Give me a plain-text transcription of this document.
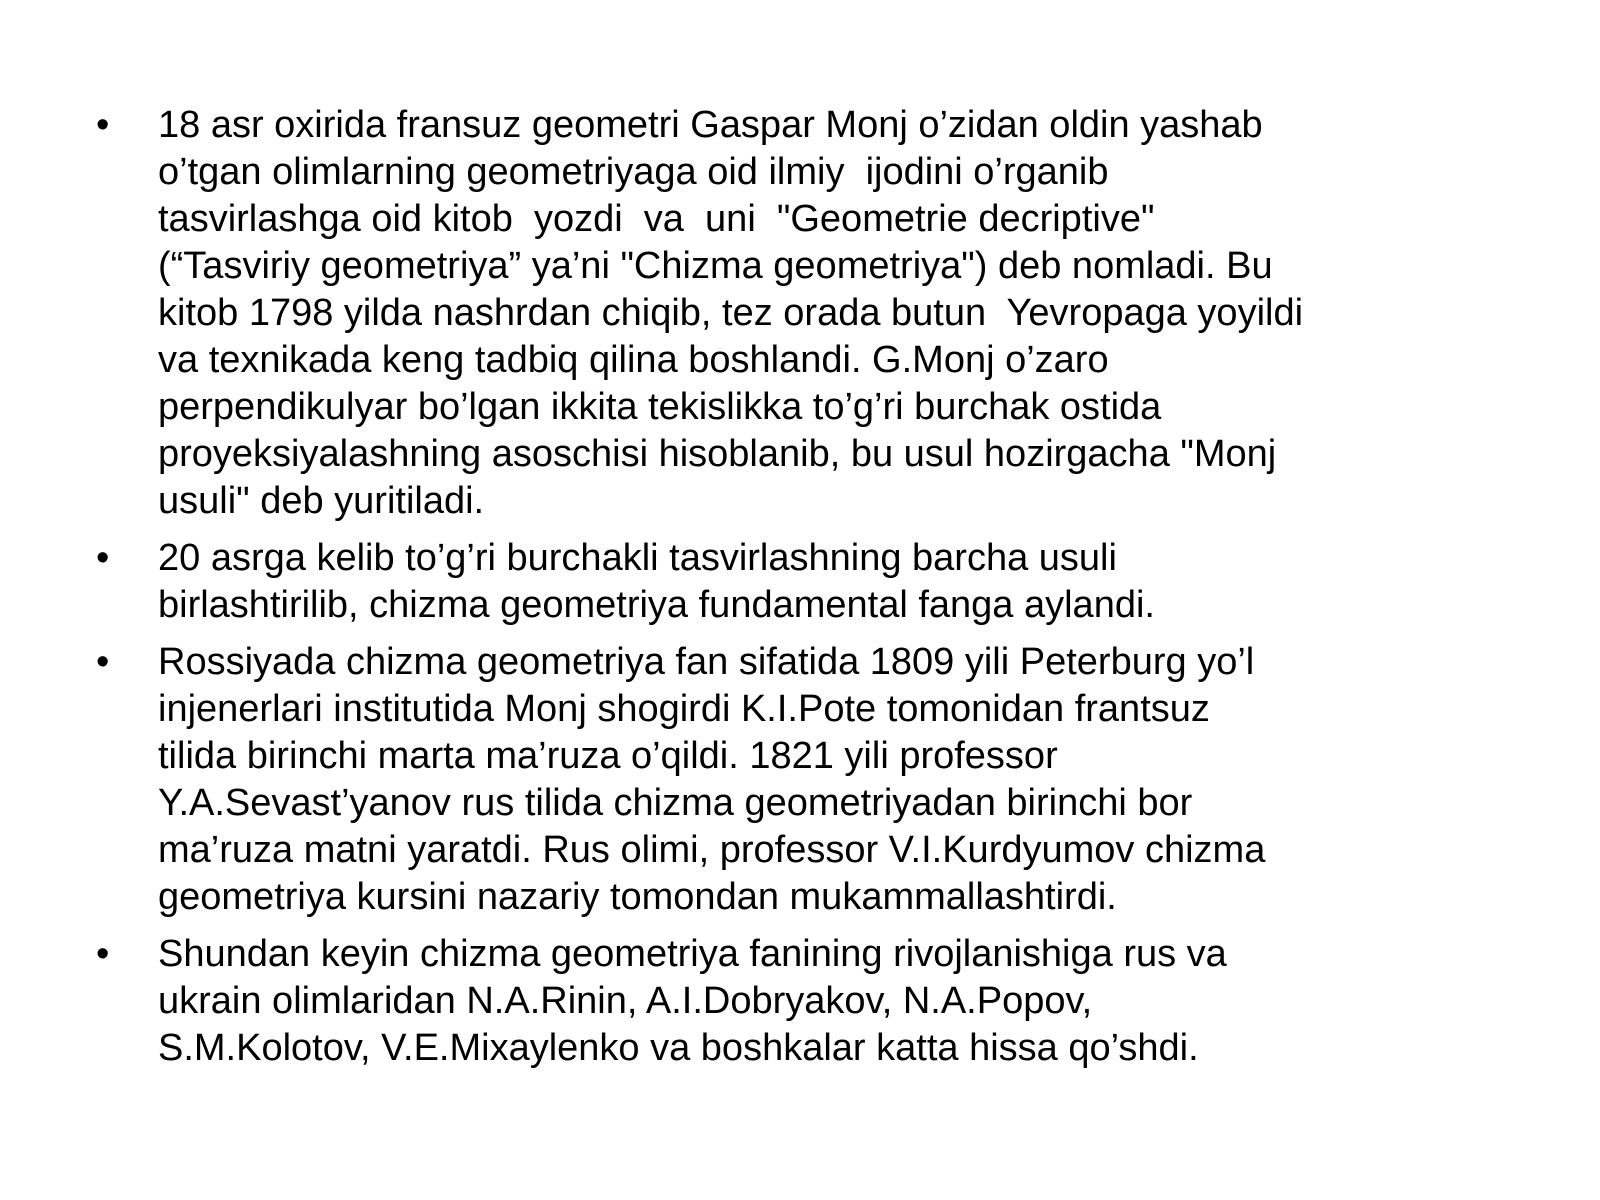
•	18 asr oxirida fransuz geometri Gaspar Monj o’zidan oldin yashab
o’tgan olimlarning geometriyaga oid ilmiy  ijodini o’rganib
tasvirlashga oid kitob  yozdi  va  uni  "Geometrie decriptive"
(“Tasviriy geometriya” ya’ni "Chizma geometriya") deb nomladi. Bu
kitob 1798 yilda nashrdan chiqib, tez orada butun  Yevropaga yoyildi
va texnikada keng tadbiq qilina boshlandi. G.Monj o’zaro
perpendikulyar bo’lgan ikkita tekislikka to’g’ri burchak ostida
proyeksiyalashning asoschisi hisoblanib, bu usul hozirgacha "Monj
usuli" deb yuritiladi.
•	20 asrga kelib to’g’ri burchakli tasvirlashning barcha usuli
birlashtirilib, chizma geometriya fundamental fanga aylandi.
•	Rossiyada chizma geometriya fan sifatida 1809 yili Peterburg yo’l
injenerlari institutida Monj shogirdi K.I.Pote tomonidan frantsuz
tilida birinchi marta ma’ruza o’qildi. 1821 yili professor
Y.A.Sevast’yanov rus tilida chizma geometriyadan birinchi bor
ma’ruza matni yaratdi. Rus olimi, professor V.I.Kurdyumov chizma
geometriya kursini nazariy tomondan mukammallashtirdi.
•	Shundan keyin chizma geometriya fanining rivojlanishiga rus va
ukrain olimlaridan N.A.Rinin, A.I.Dobryakov, N.A.Popov,
S.M.Kolotov, V.E.Mixaylenko va boshkalar katta hissa qo’shdi.
